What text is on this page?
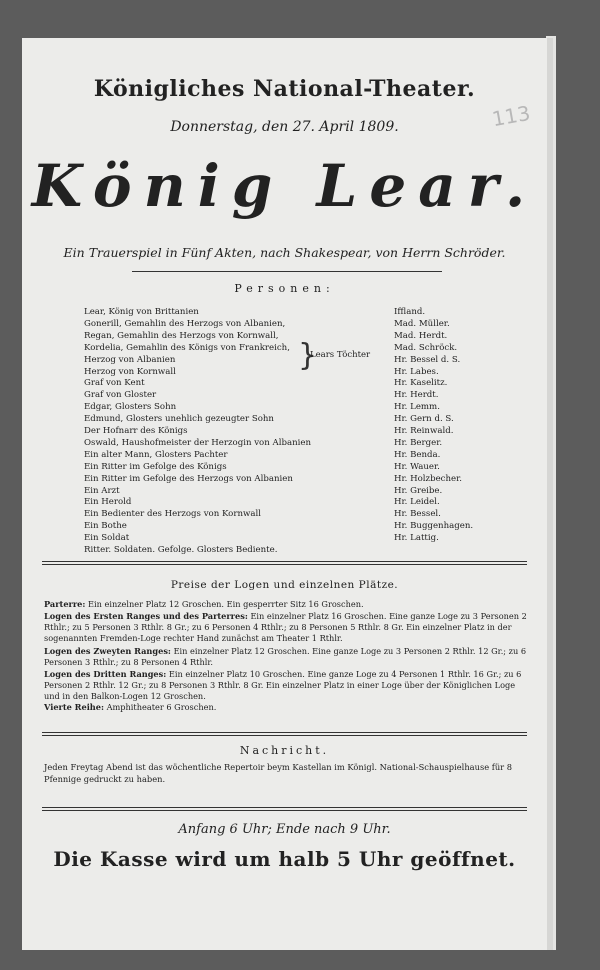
113
Königliches National-Theater.
Donnerstag, den 27. April 1809.
König Lear.
Ein Trauerspiel in Fünf Akten, nach Shakespear, von Herrn Schröder.
Personen:
Lear, König von Brittanien	Iffland.
Gonerill, Gemahlin des Herzogs von Albanien,	Mad. Müller.
Regan, Gemahlin des Herzogs von Kornwall,	Mad. Herdt.
Kordelia, Gemahlin des Königs von Frankreich,	Mad. Schröck.
Herzog von Albanien	Hr. Bessel d. S.
Herzog von Kornwall	Hr. Labes.
Graf von Kent	Hr. Kaselitz.
Graf von Gloster	Hr. Herdt.
Edgar, Glosters Sohn	Hr. Lemm.
Edmund, Glosters unehlich gezeugter Sohn	Hr. Gern d. S.
Der Hofnarr des Königs	Hr. Reinwald.
Oswald, Haushofmeister der Herzogin von Albanien	Hr. Berger.
Ein alter Mann, Glosters Pachter	Hr. Benda.
Ein Ritter im Gefolge des Königs	Hr. Wauer.
Ein Ritter im Gefolge des Herzogs von Albanien	Hr. Holzbecher.
Ein Arzt	Hr. Greibe.
Ein Herold	Hr. Leidel.
Ein Bedienter des Herzogs von Kornwall	Hr. Bessel.
Ein Bothe	Hr. Buggenhagen.
Ein Soldat	Hr. Lattig.
Ritter. Soldaten. Gefolge. Glosters Bediente.
}
Lears Töchter
Preise der Logen und einzelnen Plätze.
Parterre: Ein einzelner Platz 12 Groschen. Ein gesperrter Sitz 16 Groschen.
Logen des Ersten Ranges und des Parterres: Ein einzelner Platz 16 Groschen. Eine ganze Loge zu 3 Personen 2 Rthlr.; zu 5 Personen 3 Rthlr. 8 Gr.; zu 6 Personen 4 Rthlr.; zu 8 Personen 5 Rthlr. 8 Gr. Ein einzelner Platz in der sogenannten Fremden-Loge rechter Hand zunächst am Theater 1 Rthlr.
Logen des Zweyten Ranges: Ein einzelner Platz 12 Groschen. Eine ganze Loge zu 3 Personen 2 Rthlr. 12 Gr.; zu 6 Personen 3 Rthlr.; zu 8 Personen 4 Rthlr.
Logen des Dritten Ranges: Ein einzelner Platz 10 Groschen. Eine ganze Loge zu 4 Personen 1 Rthlr. 16 Gr.; zu 6 Personen 2 Rthlr. 12 Gr.; zu 8 Personen 3 Rthlr. 8 Gr. Ein einzelner Platz in einer Loge über der Königlichen Loge und in den Balkon-Logen 12 Groschen.
Vierte Reihe: Amphitheater 6 Groschen.
Nachricht.
Jeden Freytag Abend ist das wöchentliche Repertoir beym Kastellan im Königl. National-Schauspielhause für 8 Pfennige gedruckt zu haben.
Anfang 6 Uhr; Ende nach 9 Uhr.
Die Kasse wird um halb 5 Uhr geöffnet.
